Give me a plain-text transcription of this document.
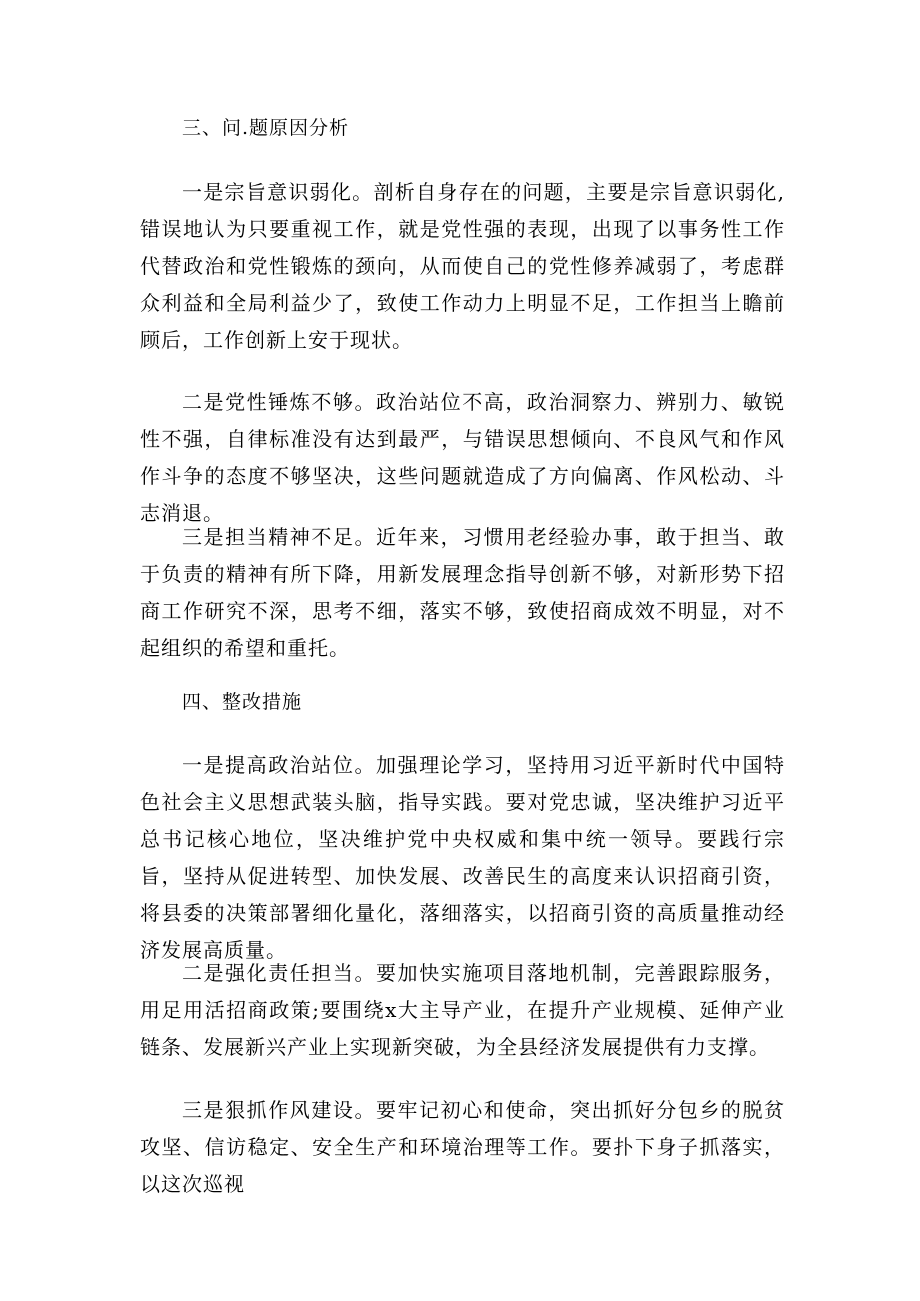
三、问.题原因分析

一是宗旨意识弱化。剖析自身存在的问题，主要是宗旨意识弱化,错误地认为只要重视工作，就是党性强的表现，出现了以事务性工作代替政治和党性锻炼的颈向，从而使自己的党性修养减弱了，考虑群众利益和全局利益少了，致使工作动力上明显不足，工作担当上瞻前顾后，工作创新上安于现状。

二是党性锤炼不够。政治站位不高，政治洞察力、辨别力、敏锐性不强，自律标准没有达到最严，与错误思想倾向、不良风气和作风作斗争的态度不够坚决，这些问题就造成了方向偏离、作风松动、斗志消退。

三是担当精神不足。近年来，习惯用老经验办事，敢于担当、敢于负责的精神有所下降，用新发展理念指导创新不够，对新形势下招商工作研究不深，思考不细，落实不够，致使招商成效不明显，对不起组织的希望和重托。

四、整改措施

一是提高政治站位。加强理论学习，坚持用习近平新时代中国特色社会主义思想武装头脑，指导实践。要对党忠诚，坚决维护习近平总书记核心地位，坚决维护党中央权威和集中统一领导。要践行宗旨，坚持从促进转型、加快发展、改善民生的高度来认识招商引资，将县委的决策部署细化量化，落细落实，以招商引资的高质量推动经济发展高质量。

二是强化责任担当。要加快实施项目落地机制，完善跟踪服务，用足用活招商政策;要围绕x大主导产业，在提升产业规模、延伸产业链条、发展新兴产业上实现新突破，为全县经济发展提供有力支撑。

三是狠抓作风建设。要牢记初心和使命，突出抓好分包乡的脱贫攻坚、信访稳定、安全生产和环境治理等工作。要扑下身子抓落实，以这次巡视
